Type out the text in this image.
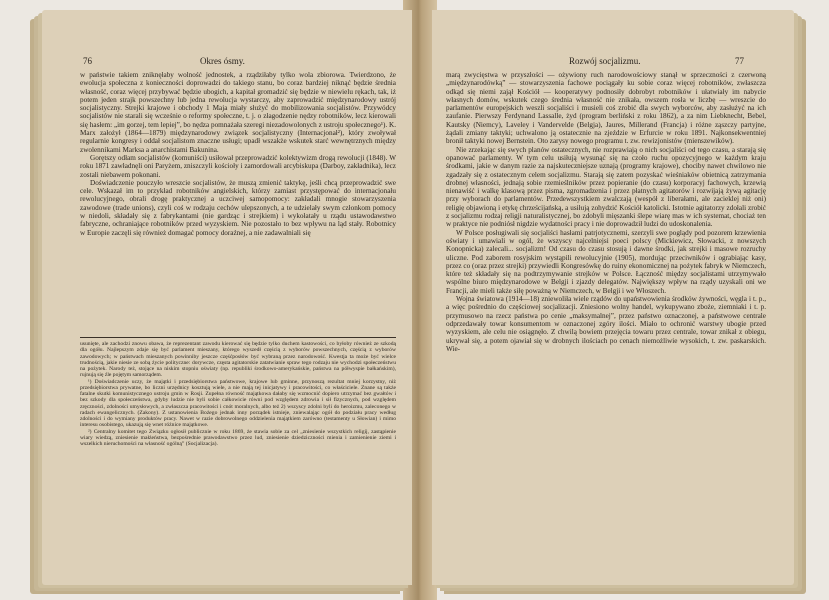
76	Okres ósmy.

w państwie takiem zniknęłaby wolność jednostek, a rządziłaby tylko wola zbiorowa. Twierdzono, że ewolucja społeczna z konieczności doprowadzi do takiego stanu, bo coraz bardziej niknąć będzie średnia własność, coraz więcej przybywać będzie ubogich, a kapitał gromadzić się będzie w niewielu rękach, tak, iż potem jeden strajk powszechny lub jedna rewolucja wystarczy, aby zaprowadzić międzynarodowy ustrój socjalistyczny. Strejki krajowe i obchody 1 Maja miały służyć do mobilizowania socjalistów. Przywódcy socjalistów nie starali się wcześnie o reformy społeczne, t. j. o złagodzenie nędzy robotników, lecz kierowali się hasłem: „im gorzej, tem lepiej”, bo nędza pomnażała szeregi niezadowolonych z ustroju społecznego¹). K. Marx założył (1864—1879) międzynarodowy związek socjalistyczny (Internacjonał²), który zwoływał regularnie kongresy i oddał socjalistom znaczne usługi; upadł wszakże wskutek starć wewnętrznych między zwolennikami Marksa a anarchistami Bakunina.

Gorętszy odłam socjalistów (komuniści) usiłował przeprowadzić kolektywizm drogą rewolucji (1848). W roku 1871 zawładnęli oni Paryżem, zniszczyli kościoły i zamordowali arcybiskupa (Darboy, zakładnika), lecz zostali niebawem pokonani.

Doświadczenie pouczyło wreszcie socjalistów, że muszą zmienić taktykę, jeśli chcą przeprowadzić swe cele. Wskazał im to przykład robotników angielskich, którzy zamiast przystępować do internacjonału rewolucyjnego, obrali drogę praktycznej a uczciwej samopomocy: zakładali mnogie stowarzyszenia zawodowe (trade unions), czyli coś w rodzaju cechów ulepszonych, a te udzielały swym członkom pomocy w niedoli, składały się z fabrykantami (nie gardząc i strejkiem) i wykołatały u rządu ustawodawstwo fabryczne, ochraniające robotników przed wyzyskiem. Nie pozostało to bez wpływu na ląd stały. Robotnicy w Europie zaczęli się również domagać pomocy doraźnej, a nie zadawalniali się

usunięte, ale zachodzi znowu obawa, że reprezentant zawodu kierować się będzie tylko duchem kastowości, co byłoby również ze szkodą dla ogółu. Najlepszym zdaje się być parlament mieszany, którego wyszedł częścią z wyborów powszechnych, częścią z wyborów zawodowych; w państwach mieszanych powinniby jeszcze częśćposłów być wybraną przez narodowość. Kwestja ta może być wielce trudnością, jakie niesie ze sobą życie polityczne: dorywcze, częsta agitatorskie zatatwianie spraw tego rodzaju nie wychodzi społeczeństwu na pożytek. Narody też, stojące na niskim stopniu oświaty (np. republiki środkowo-amerykańskie, państwa na półwyspie bałkańskim), rujnują się źle pojętym samorządem.

¹) Doświadczenie uczy, że majątki i przedsiębiorstwa państwowe, krajowe lub gminne, przynoszą rezultat mniej korzystny, niż przedsiębiorstwa prywatne, bo liczni urzędnicy kosztują wiele, a nie mają tej inicjatywy i pracowitości, co właściciele. Znane są także fatalne skutki komunistycznego ustroju gmin w Rosji. Zupełna równość majątkowa dałaby się wzmocnić dopiero utrzymać bez gwałtów i bez szkody dla społeczeństwa, gdyby ludzie nie byli sobie całkowicie równi pod względem zdrowia i sił fizycznych, pod względem zręczności, zdolności umysłowych, a zwłaszcza pracowitości i cnót moralnych, albo też 2) wszyscy zdolni byli do heroizmu, zaleconego w radach ewangelicznych. (Zakony). Z ustanowienia Bożego jednak inny porządek istnieje, zniewalając ogół do podziału pracy według zdolności i do wymiany produktów pracy. Nawet w razie dobrowolnego oddzielenia majątkiem zarówno (testamenty u Słowian) i mimo interesu osobistego, ukazują się wnet różnice majątkowe.

²) Centralny komitet tego Związku ogłosił publicznie w roku 1869, że stawia sobie za cel „zniesienie wszystkich religij, zastąpienie wiary wiedzą, zniesienie małżeństwa, bezpośrednie prawodawstwo przez lud, zniesienie dziedziczności mienia i zamienienie ziemi i wszelkich nieruchomości na własność ogólną” (Socjalizacja).

Rozwój socjalizmu.	77

marą zwycięstwa w przyszłości — ożywiony ruch narodowościowy stanął w sprzeczności z czerwoną „międzynarodówką” — stowarzyszenia fachowe pociągały ku sobie coraz więcej robotników, zwłaszcza odkąd się niemi zajął Kościół — kooperatywy podnosiły dobrobyt robotników i ułatwiały im nabycie własnych domów, wskutek czego średnia własność nie znikała, owszem rosła w liczbę — wreszcie do parlamentów europejskich weszli socjaliści i musieli coś zrobić dla swych wyborców, aby zasłużyć na ich zaufanie. Pierwszy Ferdynand Lassalle, żyd (program berliński z roku 1862), a za nim Liebknecht, Bebel, Kautsky (Niemcy), Laveley i Vandervelde (Belgja), Jaures, Millerand (Francja) i różne ząszczy partyjne, żądali zmiany taktyki; uchwalono ją ostatecznie na zjeździe w Erfurcie w roku 1891. Najkonsekwentniej bronił taktyki nowej Bernstein. Oto zarysy nowego programu t. zw. rewizjonistów (mienszewików).

Nie zrzekając się swych planów ostatecznych, nie rozprawiają o nich socjaliści od tego czasu, a starają się opanować parlamenty. W tym celu usiłują wysunąć się na czoło ruchu opozycyjnego w każdym kraju środkami, jakie w danym razie za najskuteczniejsze uznają (programy krajowe), chociby nawet chwilowo nie zgadzały się z ostatecznym celem socjalizmu. Starają się zatem pozyskać wieśniaków obietnicą zatrzymania drobnej własności, jednają sobie rzemieślników przez popieranie (do czasu) korporacyj fachowych, krzewią nienawiść i walkę klasową przez pisma, zgromadzenia i przez płatnych agitatorów i rozwijają żywą agitację przy wyborach do parlamentów. Przedewszystkiem zwalczają (wespół z liberałami, ale zacieklej niż oni) religię objawioną i etykę chrześcijańską, a usiłują zohydzić Kościół katolicki. Istotnie agitatorzy zdołali zrobić z socjalizmu rodzaj religji naturalistycznej, bo zdobyli mięszanki ślepe wiarę mas w ich systemat, chociaż ten w praktyce nie podniósł nigdzie wydatności pracy i nie doprowadził ludzi do udoskonalenia.

W Polsce posługiwali się socjaliści hasłami patrjotycznemi, szerzyli swe poglądy pod pozorem krzewienia oświaty i umawiali w ogól, że wszyscy najcelniejsi poeci polscy (Mickiewicz, Słowacki, z nowszych Konopnicka) zalecali... socjalizm! Od czasu do czasu stosują i dawne środki, jak strejki i masowe rozruchy uliczne. Pod zaborem rosyjskim wystąpili rewolucyjnie (1905), mordując przeciwników i ograbiając kasy, przez co (oraz przez strejki) przywiedli Kongresówkę do ruiny ekonomicznej na pożytek fabryk w Niemczech, które też składały się na podtrzymywanie strejków w Polsce. Łączność między socjalistami utrzymywało wspólne biuro międzynarodowe w Belgji i zjazdy delegatów. Największy wpływ na rządy uzyskali oni we Francji, ale mieli także siłę poważną w Niemczech, w Belgji i we Włoszech.

Wojna światowa (1914—18) zniewoliła wiele rządów do upaństwowienia środków żywności, węgla i t. p., a więc pośrednio do częściowej socjalizacji. Zniesiono wolny handel, wykupywano zboże, ziemniaki i t. p. przymusowo na rzecz państwa po cenie „maksymalnej”, przez państwo oznaczonej, a państwowe centrale odprzedawały towar konsumentom w oznaczonej zgóry ilości. Miało to ochronić warstwy ubogie przed wyzyskiem, ale celu nie osiągnęło. Z chwilą bowiem przejęcia towaru przez centrale, towar znikał z obiegu, ukrywał się, a potem ojawiał się w drobnych ilościach po cenach niemożliwie wysokich, t. zw. paskarskich. Wie-
